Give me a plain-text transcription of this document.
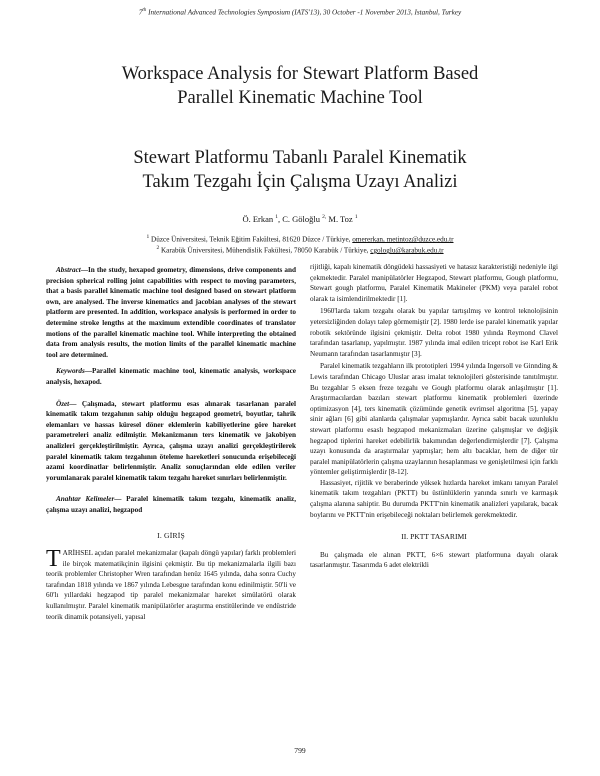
7th International Advanced Technologies Symposium (IATS'13), 30 October -1 November 2013, Istanbul, Turkey
Workspace Analysis for Stewart Platform Based
Parallel Kinematic Machine Tool
Stewart Platformu Tabanlı Paralel Kinematik
Takım Tezgahı İçin Çalışma Uzayı Analizi
Ö. Erkan $^1$, C. Göloğlu $^{2,}$ M. Toz $^1$
$^1$ Düzce Üniversitesi, Teknik Eğitim Fakültesi, 81620 Düzce / Türkiye, omererkan, metintoz@duzce.edu.tr
$^2$ Karabük Üniversitesi, Mühendislik Fakültesi, 78050 Karabük / Türkiye, cgologlu@karabuk.edu.tr

Abstract—In the study, hexapod geometry, dimensions, drive components and precision spherical rolling joint capabilities with respect to moving parameters, that a basis parallel kinematic machine tool designed based on stewart platform own, are analysed. The inverse kinematics and jacobian analyses of the stewart platform are presented. In addition, workspace analysis is performed in order to determine stroke lengths at the maximum extendible coordinates of translator motions of the parallel kinematic machine tool. While interpreting the obtained data from analysis results, the motion limits of the parallel kinematic machine tool are determined.

Keywords—Parallel kinematic machine tool, kinematic analysis, workspace analysis, hexapod.

Özet— Çalışmada, stewart platformu esas alınarak tasarlanan paralel kinematik takım tezgahının sahip olduğu hegzapod geometri, boyutlar, tahrik elemanları ve hassas küresel döner eklemlerin kabiliyetlerine göre hareket parametreleri analiz edilmiştir. Mekanizmanın ters kinematik ve jakobiyen analizleri gerçekleştirilmiştir. Ayrıca, çalışma uzayı analizi gerçekleştirilerek paralel kinematik takım tezgahının öteleme hareketleri sonucunda erişebileceği azami koordinatlar belirlenmiştir. Analiz sonuçlarından elde edilen veriler yorumlanarak paralel kinematik takım tezgahı hareket sınırları belirlenmiştir.

Anahtar Kelimeler— Paralel kinematik takım tezgahı, kinematik analiz, çalışma uzayı analizi, hegzapod

I. GİRİŞ

TARİHSEL açıdan paralel mekanizmalar (kapalı döngü yapılar) farklı problemleri ile birçok matematikçinin ilgisini çekmiştir. Bu tip mekanizmalarla ilgili bazı teorik problemler Christopher Wren tarafından henüz 1645 yılında, daha sonra Cuchy tarafından 1818 yılında ve 1867 yılında Lebesgue tarafından konu edinilmiştir. 50'li ve 60'lı yıllardaki hegzapod tip paralel mekanizmalar hareket simülatörü olarak kullanılmıştır. Paralel kinematik manipülatörler araştırma enstitülerinde ve endüstride teorik dinamik potansiyeli, yapısal

rijitliği, kapalı kinematik döngüdeki hassasiyeti ve hatasız karakteristiği nedeniyle ilgi çekmektedir. Paralel manipülatörler Hegzapod, Stewart platformu, Gough platformu, Stewart gough platformu, Paralel Kinematik Makineler (PKM) veya paralel robot olarak ta isimlendirilmektedir [1].

1960'larda takım tezgahı olarak bu yapılar tartışılmış ve kontrol teknolojisinin yetersizliğinden dolayı talep görmemiştir [2]. 1980 lerde ise paralel kinematik yapılar robotik sektöründe ilgisini çekmiştir. Delta robot 1980 yılında Reymond Clavel tarafından tasarlanıp, yapılmıştır. 1987 yılında imal edilen tricept robot ise Karl Erik Neumann tarafından tasarlanmıştır [3].

Paralel kinematik tezgahların ilk prototipleri 1994 yılında Ingersoll ve Ginnding & Lewis tarafından Chicago Uluslar arası imalat teknolojileri gösterisinde tanıtılmıştır. Bu tezgahlar 5 eksen freze tezgahı ve Gough platformu olarak anlaşılmıştır [1]. Araştırmacılardan bazıları stewart platformu kinematik problemleri üzerinde optimizasyon [4], ters kinematik çözümünde genetik evrimsel algoritma [5], yapay sinir ağları [6] gibi alanlarda çalışmalar yapmışlardır. Ayrıca sabit bacak uzunluklu stewart platformu esaslı hegzapod mekanizmaları üzerine çalışmışlar ve değişik hegzapod tiplerini hareket edebilirlik bakımından değerlendirmişlerdir [7]. Çalışma uzayı konusunda da araştırmalar yapmışlar; hem altı bacaklar, hem de diğer tür paralel manipülatörlerin çalışma uzaylarının hesaplanması ve genişletilmesi için farklı yöntemler geliştirmişlerdir [8-12].

Hassasiyet, rijitlik ve beraberinde yüksek hızlarda hareket imkanı tanıyan Paralel kinematik takım tezgahları (PKTT) bu üstünlüklerin yanında sınırlı ve karmaşık çalışma alanına sahiptir. Bu durumda PKTT'nin kinematik analizleri yapılarak, bacak boylarını ve PKTT'nin erişebileceği noktaları belirlemek gerekmektedir.

II. PKTT TASARIMI

Bu çalışmada ele alınan PKTT, 6×6 stewart platformuna dayalı olarak tasarlanmıştır. Tasarımda 6 adet elektrikli

799
